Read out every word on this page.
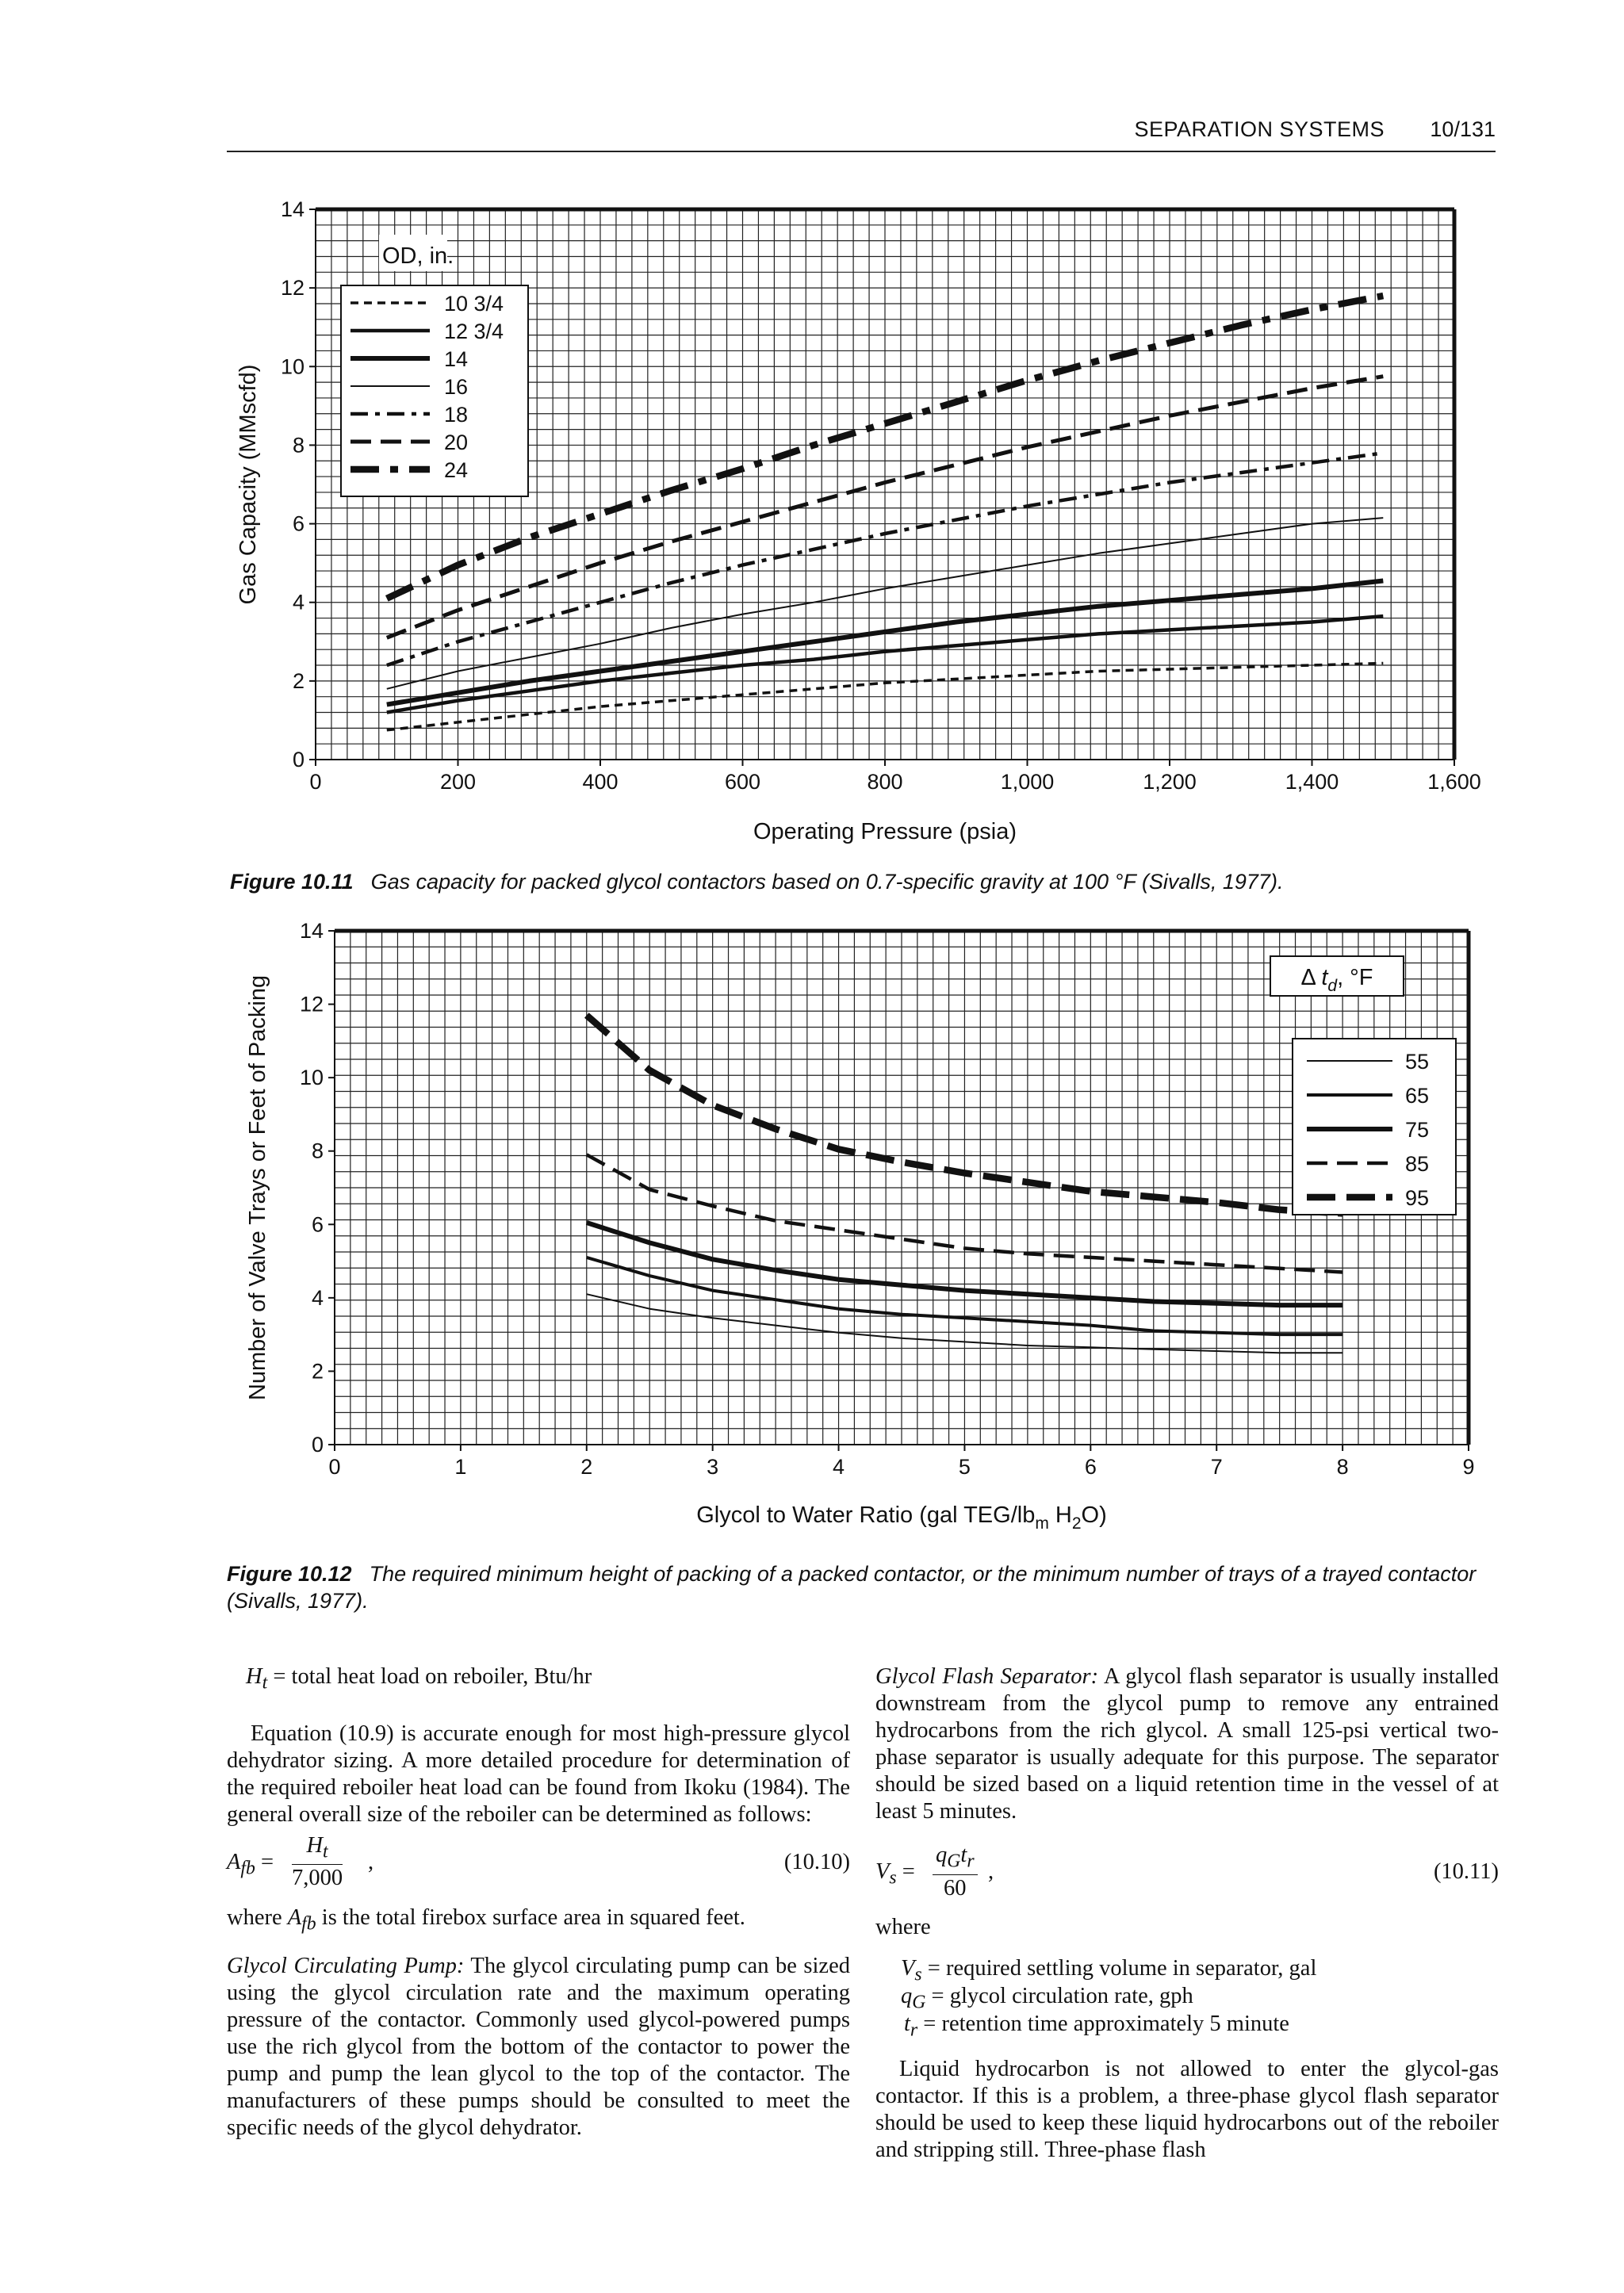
SEPARATION SYSTEMS 10/131
0	200	400	600	800	1,000	1,200	1,400	1,600
0
2
4
6
8
10
12
14
Gas Capacity (MMscfd)
Operating Pressure (psia)
OD, in.
10 3/4
12 3/4
14
16
18
20
24
Figure 10.11 Gas capacity for packed glycol contactors based on 0.7-specific gravity at 100 °F (Sivalls, 1977).
0	1	2	3	4	5	6	7	8	9
0
2
4
6
8
10
12
14
Number of Valve Trays or Feet of Packing
Glycol to Water Ratio (gal TEG/$lb_m$ $H_2O$)
Δ $t_d$, °F
55
65
75
85
95
Figure 10.12 The required minimum height of packing of a packed contactor, or the minimum number of trays of a trayed contactor (Sivalls, 1977).

$H_t$ = total heat load on reboiler, Btu/hr

Equation (10.9) is accurate enough for most high-pressure glycol dehydrator sizing. A more detailed procedure for determination of the required reboiler heat load can be found from Ikoku (1984). The general overall size of the reboiler can be determined as follows:

$A_{fb} = \frac{H_t}{7,000}$ ,	(10.10)

where $A_{fb}$ is the total firebox surface area in squared feet.

Glycol Circulating Pump: The glycol circulating pump can be sized using the glycol circulation rate and the maximum operating pressure of the contactor. Commonly used glycol-powered pumps use the rich glycol from the bottom of the contactor to power the pump and pump the lean glycol to the top of the contactor. The manufacturers of these pumps should be consulted to meet the specific needs of the glycol dehydrator.

Glycol Flash Separator: A glycol flash separator is usually installed downstream from the glycol pump to remove any entrained hydrocarbons from the rich glycol. A small 125-psi vertical two-phase separator is usually adequate for this purpose. The separator should be sized based on a liquid retention time in the vessel of at least 5 minutes.

$V_s$ =
$q_Gt_r$
60
,	(10.11)

where

$V_s$ = required settling volume in separator, gal
$q_G$ = glycol circulation rate, gph
$t_r$ = retention time approximately 5 minute

Liquid hydrocarbon is not allowed to enter the glycol-gas contactor. If this is a problem, a three-phase glycol flash separator should be used to keep these liquid hydrocarbons out of the reboiler and stripping still. Three-phase flash
